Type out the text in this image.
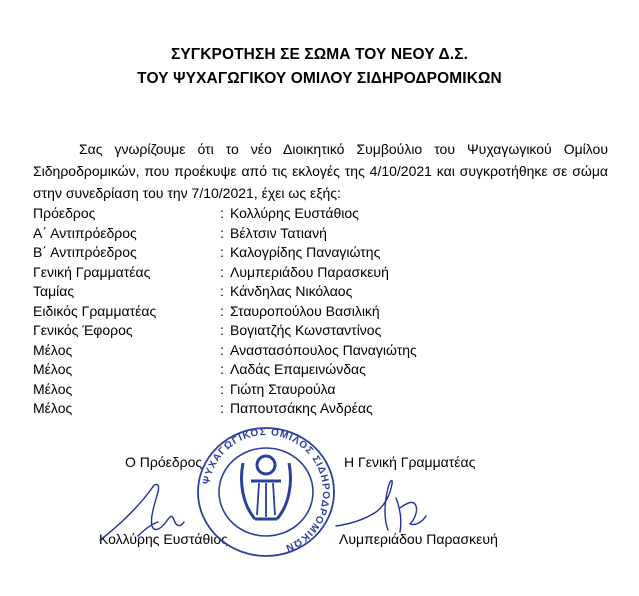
ΣΥΓΚΡΟΤΗΣΗ ΣΕ ΣΩΜΑ ΤΟΥ ΝΕΟΥ Δ.Σ.
ΤΟΥ ΨΥΧΑΓΩΓΙΚΟΥ ΟΜΙΛΟΥ ΣΙΔΗΡΟΔΡΟΜΙΚΩΝ

Σας γνωρίζουμε ότι το νέο Διοικητικό Συμβούλιο του Ψυχαγωγικού Ομίλου Σιδηροδρομικών, που προέκυψε από τις εκλογές της 4/10/2021 και συγκροτήθηκε σε σώμα στην συνεδρίαση του την 7/10/2021, έχει ως εξής:

Πρόεδρος	: Κολλύρης Ευστάθιος
Α΄ Αντιπρόεδρος	: Βέλτσιν Τατιανή
Β΄ Αντιπρόεδρος	: Καλογρίδης Παναγιώτης
Γενική Γραμματέας	: Λυμπεριάδου Παρασκευή
Ταμίας	: Κάνδηλας Νικόλαος
Ειδικός Γραμματέας	: Σταυροπούλου Βασιλική
Γενικός Έφορος	: Βογιατζής Κωνσταντίνος
Μέλος	: Αναστασόπουλος Παναγιώτης
Μέλος	: Λαδάς Επαμεινώνδας
Μέλος	: Γιώτη Σταυρούλα
Μέλος	: Παπουτσάκης Ανδρέας
Ο Πρόεδρος	Η Γενική Γραμματέας
Κολλύρης Ευστάθιος	Λυμπεριάδου Παρασκευή
ΨΥΧΑΓΩΓΙΚΟΣ ΟΜΙΛΟΣ ΣΙΔΗΡΟΔΡΟΜΙΚΩΝ
